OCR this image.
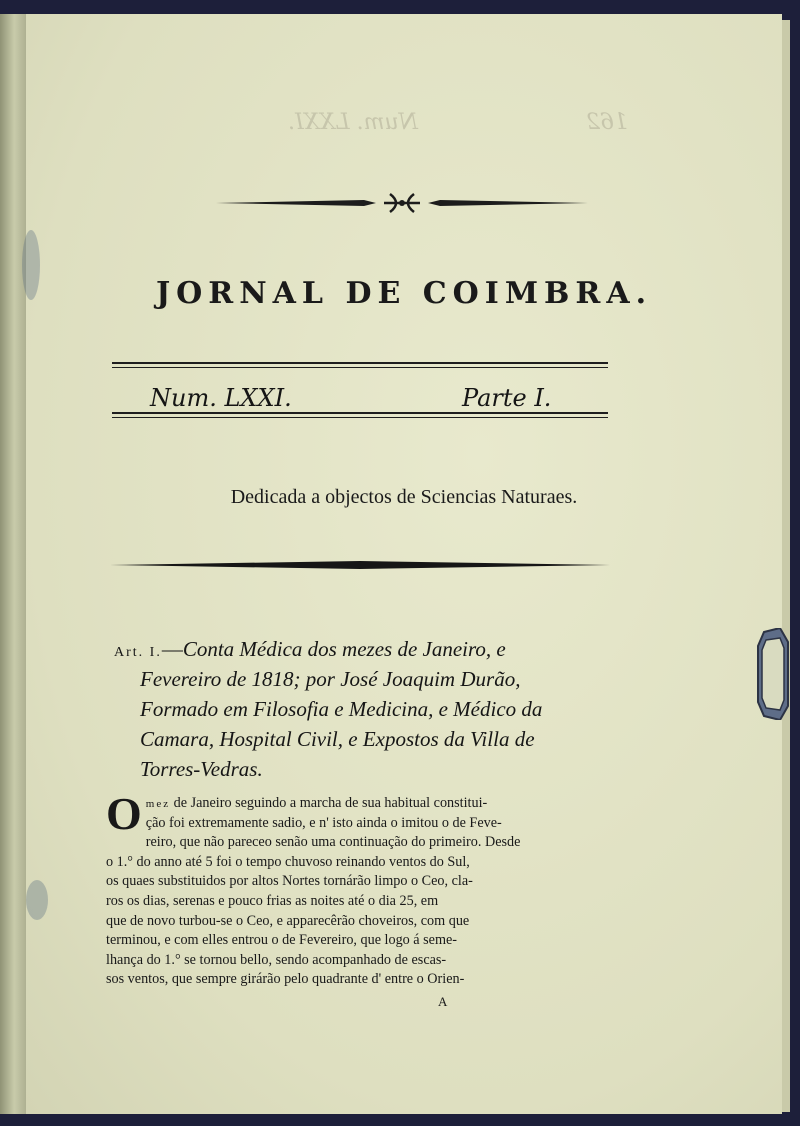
Num. LXXI.	162
JORNAL DE COIMBRA.
Num. LXXI.	Parte I.
Dedicada a objectos de Sciencias Naturaes.
Art. I.—Conta Médica dos mezes de Janeiro, e
Fevereiro de 1818; por José Joaquim Durão,
Formado em Filosofia e Medicina, e Médico da
Camara, Hospital Civil, e Expostos da Villa de
Torres-Vedras.
O mez de Janeiro seguindo a marcha de sua habitual constitui-
ção foi extremamente sadio, e n' isto ainda o imitou o de Feve-
reiro, que não pareceo senão uma continuação do primeiro. Desde
o 1.° do anno até 5 foi o tempo chuvoso reinando ventos do Sul,
os quaes substituidos por altos Nortes tornárão limpo o Ceo, cla-
ros os dias, serenas e pouco frias as noites até o dia 25, em
que de novo turbou-se o Ceo, e apparecêrão choveiros, com que
terminou, e com elles entrou o de Fevereiro, que logo á seme-
lhança do 1.° se tornou bello, sendo acompanhado de escas-
sos ventos, que sempre girárão pelo quadrante d' entre o Orien-
A
